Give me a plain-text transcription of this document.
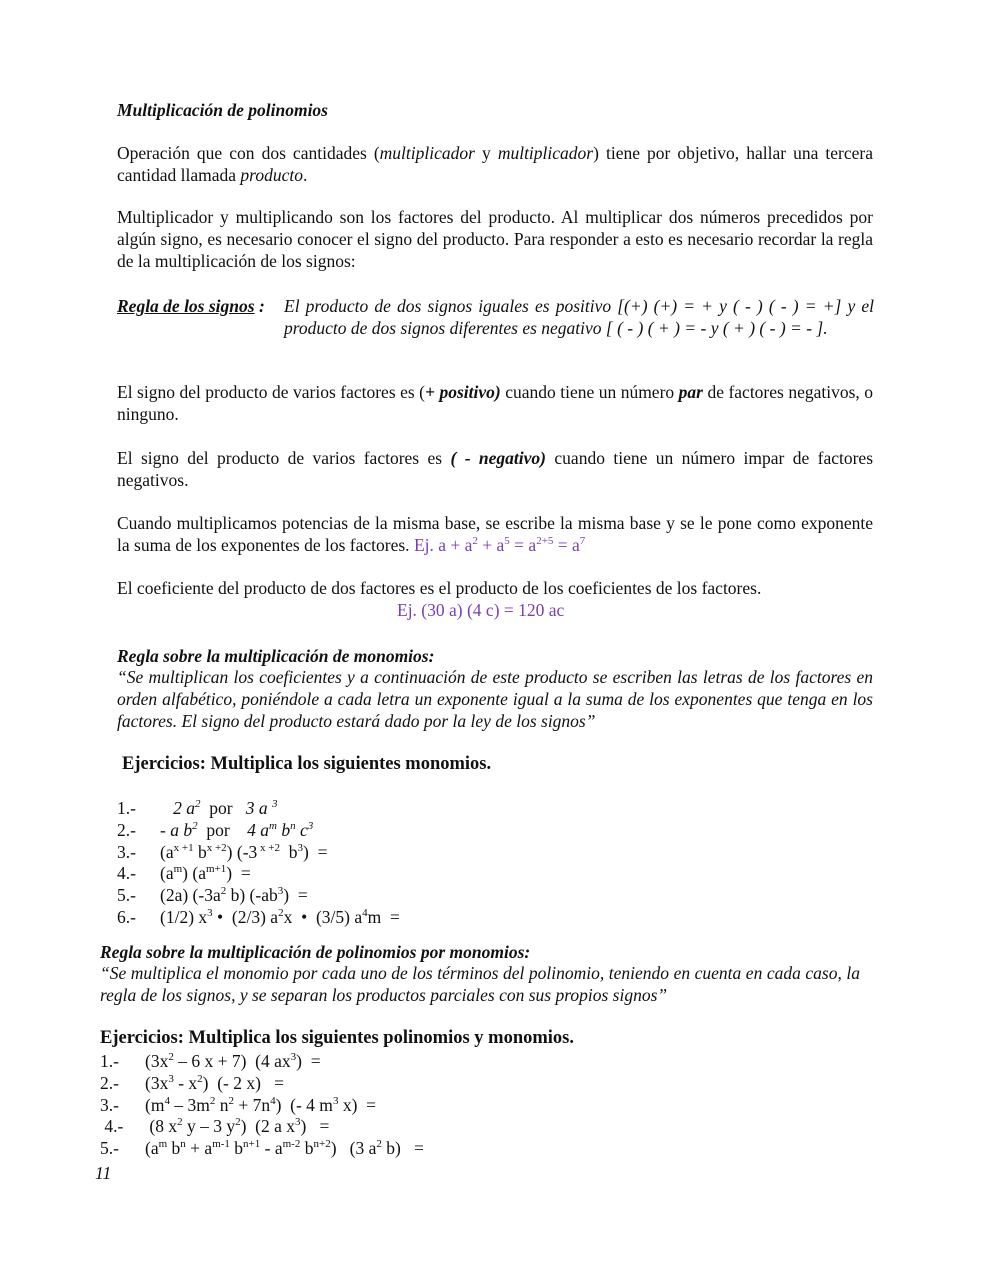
Multiplicación de polinomios
Operación que con dos cantidades (multiplicador y multiplicador) tiene por objetivo, hallar una tercera cantidad llamada producto.
Multiplicador y multiplicando son los factores del producto. Al multiplicar dos números precedidos por algún signo, es necesario conocer el signo del producto. Para responder a esto es necesario recordar la regla de la multiplicación de los signos:
Regla de los signos : El producto de dos signos iguales es positivo [(+) (+) = + y ( - ) ( - ) = +] y el producto de dos signos diferentes es negativo [ ( - ) ( + ) = - y ( + ) ( - ) = - ].
El signo del producto de varios factores es (+ positivo) cuando tiene un número par de factores negativos, o ninguno.
El signo del producto de varios factores es ( - negativo) cuando tiene un número impar de factores negativos.
Cuando multiplicamos potencias de la misma base, se escribe la misma base y se le pone como exponente la suma de los exponentes de los factores. Ej. $a + a^2 + a^5 = a^{2+5} = a^7$
El coeficiente del producto de dos factores es el producto de los coeficientes de los factores.
Ej. (30 a) (4 c) = 120 ac
Regla sobre la multiplicación de monomios:
“Se multiplican los coeficientes y a continuación de este producto se escriben las letras de los factores en orden alfabético, poniéndole a cada letra un exponente igual a la suma de los exponentes que tenga en los factores. El signo del producto estará dado por la ley de los signos”
Ejercicios: Multiplica los siguientes monomios.
1.-   2 $a^2$  por   3 a $^3$
2.- - a $b^2$  por    4 $a^m$ $b^n$ $c^3$
3.- ($a^{x +1}$ $b^{x +2}$) (-3 $^{x +2}$  $b^3$)  =
4.- $(a^m) (a^{m+1})$  =
5.- (2a) ($-3a^2$ b) $(-ab^3)$  =
6.- (1/2) $x^3$ •  (2/3) $a^2x$  •  (3/5) $a^4m$  =
Regla sobre la multiplicación de polinomios por monomios:
“Se multiplica el monomio por cada uno de los términos del polinomio, teniendo en cuenta en cada caso, la regla de los signos, y se separan los productos parciales con sus propios signos”
Ejercicios: Multiplica los siguientes polinomios y monomios.
1.- ($3x^2 - 6$ x + 7)  (4 $ax^3$)  =
2.- $(3x^3 - x^2)$  (- 2 x)   =
3.- ($m^4 - 3m^2$ $n^2 + 7n^4$)  (- 4 $m^3$ x)  =
4.- (8 $x^2$ y – 3 $y^2$)  (2 a $x^3$)   =
5.- ($a^m$ $b^n + a^{m-1}$ $b^{n+1} - a^{m-2}$ $b^{n+2}$)   (3 $a^2$ b)   =
11
